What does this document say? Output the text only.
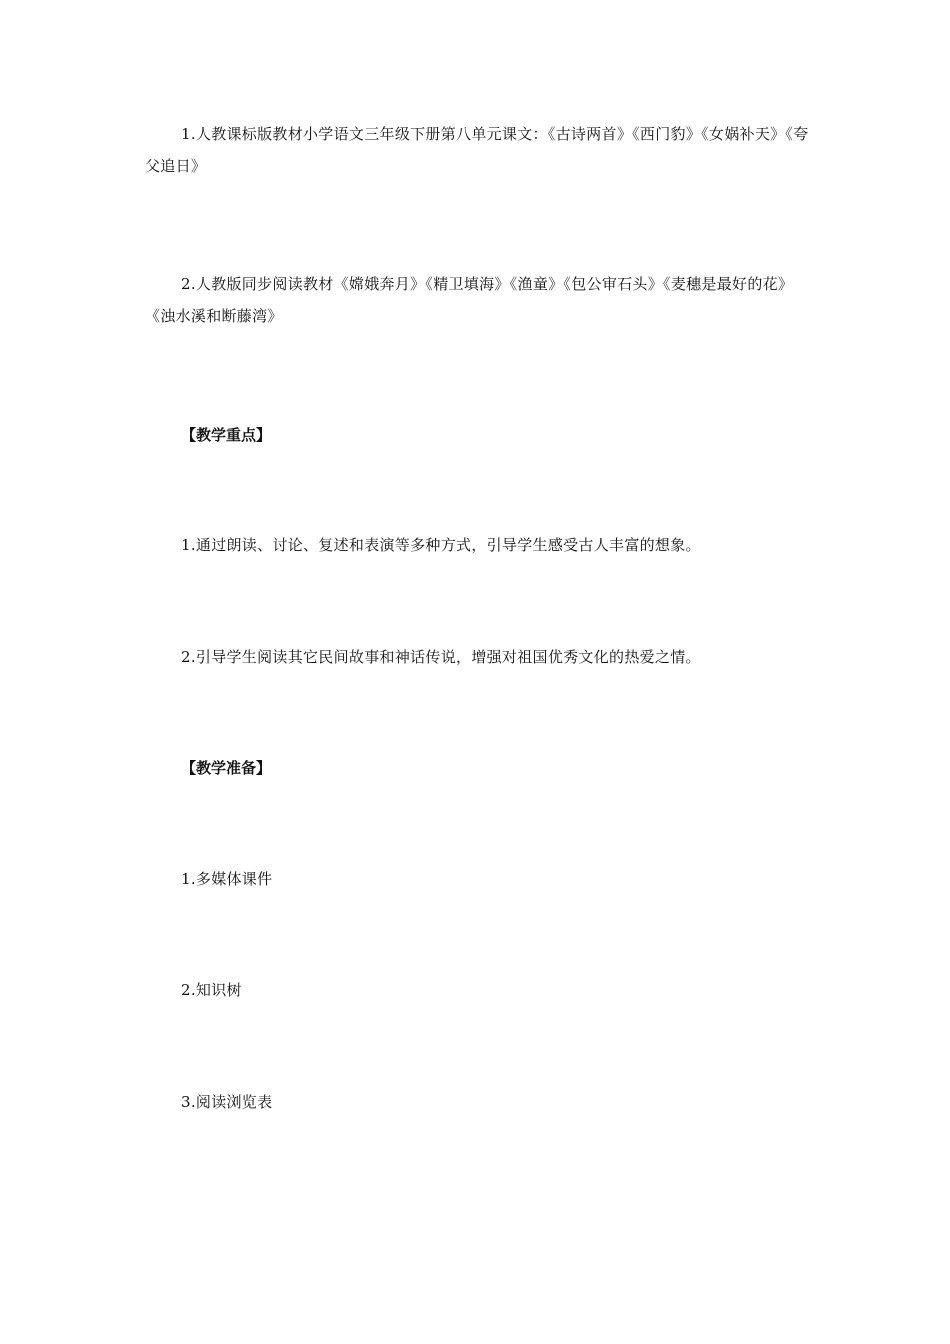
1.人教课标版教材小学语文三年级下册第八单元课文：《古诗两首》《西门豹》《女娲补天》《夸父追日》

2.人教版同步阅读教材《嫦娥奔月》《精卫填海》《渔童》《包公审石头》《麦穗是最好的花》《浊水溪和断藤湾》

【教学重点】
1.通过朗读、讨论、复述和表演等多种方式，引导学生感受古人丰富的想象。
2.引导学生阅读其它民间故事和神话传说，增强对祖国优秀文化的热爱之情。
【教学准备】
1.多媒体课件
2.知识树
3.阅读浏览表
